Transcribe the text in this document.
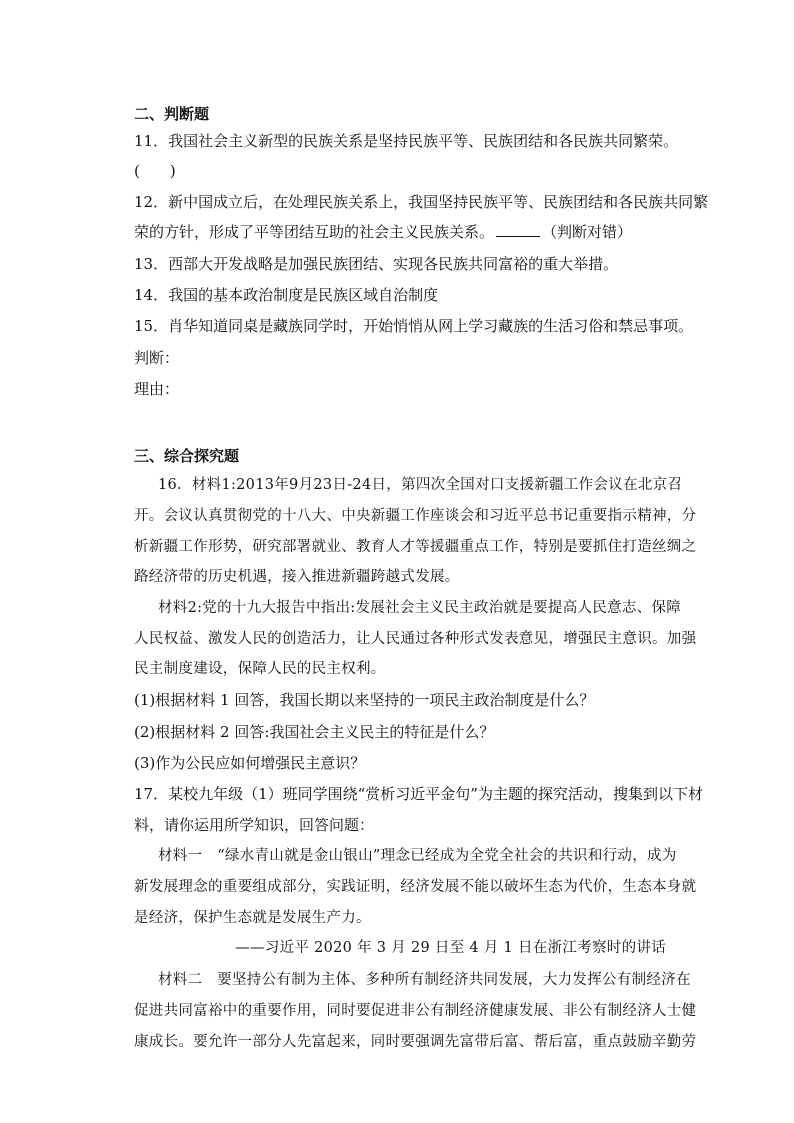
二、判断题
11．我国社会主义新型的民族关系是坚持民族平等、民族团结和各民族共同繁荣。
(　　)
12．新中国成立后，在处理民族关系上，我国坚持民族平等、民族团结和各民族共同繁
荣的方针，形成了平等团结互助的社会主义民族关系。	（判断对错）
13．西部大开发战略是加强民族团结、实现各民族共同富裕的重大举措。
14．我国的基本政治制度是民族区域自治制度
15．肖华知道同桌是藏族同学时，开始悄悄从网上学习藏族的生活习俗和禁忌事项。
判断：
理由：
三、综合探究题
16．材料1:2013年9月23日-24日，第四次全国对口支援新疆工作会议在北京召
开。会议认真贯彻党的十八大、中央新疆工作座谈会和习近平总书记重要指示精神，分
析新疆工作形势，研究部署就业、教育人才等援疆重点工作，特别是要抓住打造丝绸之
路经济带的历史机遇，接入推进新疆跨越式发展。
材料2:党的十九大报告中指出:发展社会主义民主政治就是要提高人民意志、保障
人民权益、激发人民的创造活力，让人民通过各种形式发表意见，增强民主意识。加强
民主制度建设，保障人民的民主权利。
(1)根据材料 1 回答，我国长期以来坚持的一项民主政治制度是什么？
(2)根据材料 2 回答:我国社会主义民主的特征是什么？
(3)作为公民应如何增强民主意识？
17．某校九年级（1）班同学围绕“赏析习近平金句”为主题的探究活动，搜集到以下材
料，请你运用所学知识，回答问题：
材料一　“绿水青山就是金山银山”理念已经成为全党全社会的共识和行动，成为
新发展理念的重要组成部分，实践证明，经济发展不能以破坏生态为代价，生态本身就
是经济，保护生态就是发展生产力。
——习近平 2020 年 3 月 29 日至 4 月 1 日在浙江考察时的讲话
材料二　要坚持公有制为主体、多种所有制经济共同发展，大力发挥公有制经济在
促进共同富裕中的重要作用，同时要促进非公有制经济健康发展、非公有制经济人士健
康成长。要允许一部分人先富起来，同时要强调先富带后富、帮后富，重点鼓励辛勤劳
